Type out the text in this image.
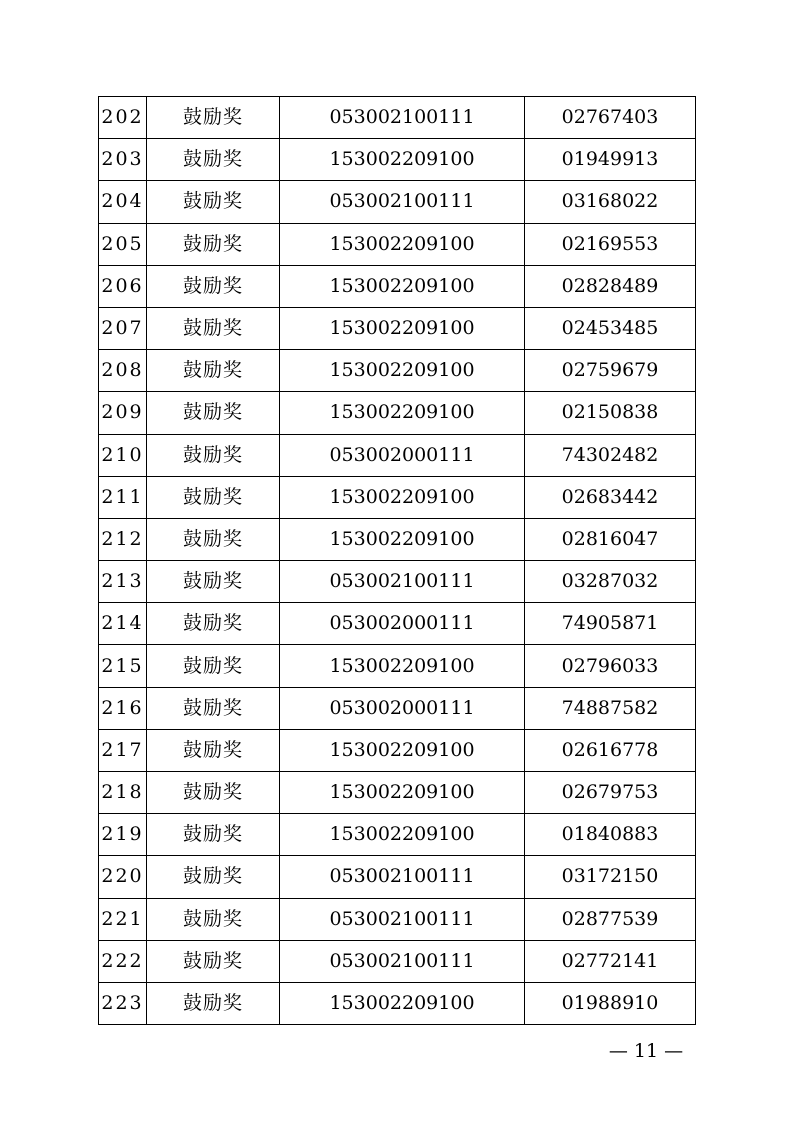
202	鼓励奖	053002100111	02767403
203	鼓励奖	153002209100	01949913
204	鼓励奖	053002100111	03168022
205	鼓励奖	153002209100	02169553
206	鼓励奖	153002209100	02828489
207	鼓励奖	153002209100	02453485
208	鼓励奖	153002209100	02759679
209	鼓励奖	153002209100	02150838
210	鼓励奖	053002000111	74302482
211	鼓励奖	153002209100	02683442
212	鼓励奖	153002209100	02816047
213	鼓励奖	053002100111	03287032
214	鼓励奖	053002000111	74905871
215	鼓励奖	153002209100	02796033
216	鼓励奖	053002000111	74887582
217	鼓励奖	153002209100	02616778
218	鼓励奖	153002209100	02679753
219	鼓励奖	153002209100	01840883
220	鼓励奖	053002100111	03172150
221	鼓励奖	053002100111	02877539
222	鼓励奖	053002100111	02772141
223	鼓励奖	153002209100	01988910
— 11 —
